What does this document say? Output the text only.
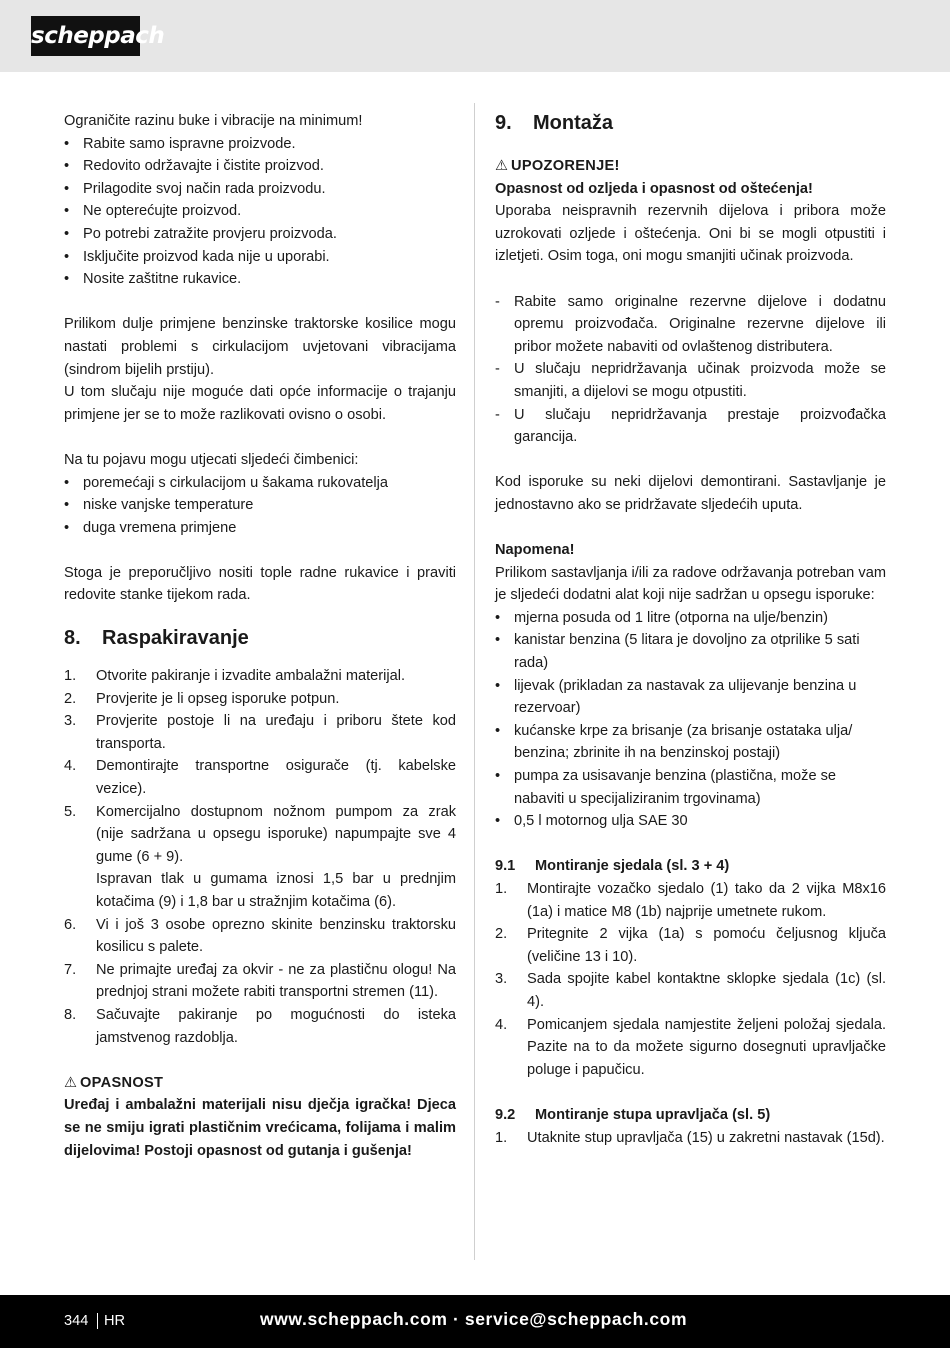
scheppach

Ograničite razinu buke i vibracije na minimum!

• Rabite samo ispravne proizvode.
• Redovito održavajte i čistite proizvod.
• Prilagodite svoj način rada proizvodu.
• Ne opterećujte proizvod.
• Po potrebi zatražite provjeru proizvoda.
• Isključite proizvod kada nije u uporabi.
• Nosite zaštitne rukavice.

Prilikom dulje primjene benzinske traktorske kosilice mogu nastati problemi s cirkulacijom uvjetovani vibracijama (sindrom bijelih prstiju).

U tom slučaju nije moguće dati opće informacije o trajanju primjene jer se to može razlikovati ovisno o osobi.

Na tu pojavu mogu utjecati sljedeći čimbenici:

• poremećaji s cirkulacijom u šakama rukovatelja
• niske vanjske temperature
• duga vremena primjene

Stoga je preporučljivo nositi tople radne rukavice i praviti redovite stanke tijekom rada.

8. Raspakiravanje
1. Otvorite pakiranje i izvadite ambalažni materijal.
2. Provjerite je li opseg isporuke potpun.
3. Provjerite postoje li na uređaju i priboru štete kod transporta.
4. Demontirajte transportne osigurače (tj. kabelske vezice).
5. Komercijalno dostupnom nožnom pumpom za zrak (nije sadržana u opsegu isporuke) napumpajte sve 4 gume (6 + 9).
Ispravan tlak u gumama iznosi 1,5 bar u prednjim kotačima (9) i 1,8 bar u stražnjim kotačima (6).
6. Vi i još 3 osobe oprezno skinite benzinsku traktorsku kosilicu s palete.
7. Ne primajte uređaj za okvir - ne za plastičnu ologu! Na prednjoj strani možete rabiti transportni stremen (11).
8. Sačuvajte pakiranje po mogućnosti do isteka jamstvenog razdoblja.
⚠ OPASNOST

Uređaj i ambalažni materijali nisu dječja igračka! Djeca se ne smiju igrati plastičnim vrećicama, folijama i malim dijelovima! Postoji opasnost od gutanja i gušenja!

9. Montaža
⚠ UPOZORENJE!

Opasnost od ozljeda i opasnost od oštećenja!

Uporaba neispravnih rezervnih dijelova i pribora može uzrokovati ozljede i oštećenja. Oni bi se mogli otpustiti i izletjeti. Osim toga, oni mogu smanjiti učinak proizvoda.

- Rabite samo originalne rezervne dijelove i dodatnu opremu proizvođača. Originalne rezervne dijelove ili pribor možete nabaviti od ovlaštenog distributera.
- U slučaju nepridržavanja učinak proizvoda može se smanjiti, a dijelovi se mogu otpustiti.
- U slučaju nepridržavanja prestaje proizvođačka garancija.

Kod isporuke su neki dijelovi demontirani. Sastavljanje je jednostavno ako se pridržavate sljedećih uputa.

Napomena!

Prilikom sastavljanja i/ili za radove održavanja potreban vam je sljedeći dodatni alat koji nije sadržan u opsegu isporuke:

• mjerna posuda od 1 litre (otporna na ulje/benzin)
• kanistar benzina (5 litara je dovoljno za otprilike 5 sati rada)
• lijevak (prikladan za nastavak za ulijevanje benzina u rezervoar)
• kućanske krpe za brisanje (za brisanje ostataka ulja/ benzina; zbrinite ih na benzinskoj postaji)
• pumpa za usisavanje benzina (plastična, može se nabaviti u specijaliziranim trgovinama)
• 0,5 l motornog ulja SAE 30
9.1 Montiranje sjedala (sl. 3 + 4)
1. Montirajte vozačko sjedalo (1) tako da 2 vijka M8x16 (1a) i matice M8 (1b) najprije umetnete rukom.
2. Pritegnite 2 vijka (1a) s pomoću čeljusnog ključa (veličine 13 i 10).
3. Sada spojite kabel kontaktne sklopke sjedala (1c) (sl. 4).
4. Pomicanjem sjedala namjestite željeni položaj sjedala. Pazite na to da možete sigurno dosegnuti upravljačke poluge i papučicu.
9.2 Montiranje stupa upravljača (sl. 5)
1. Utaknite stup upravljača (15) u zakretni nastavak (15d).
344 HR	www.scheppach.com · service@scheppach.com
